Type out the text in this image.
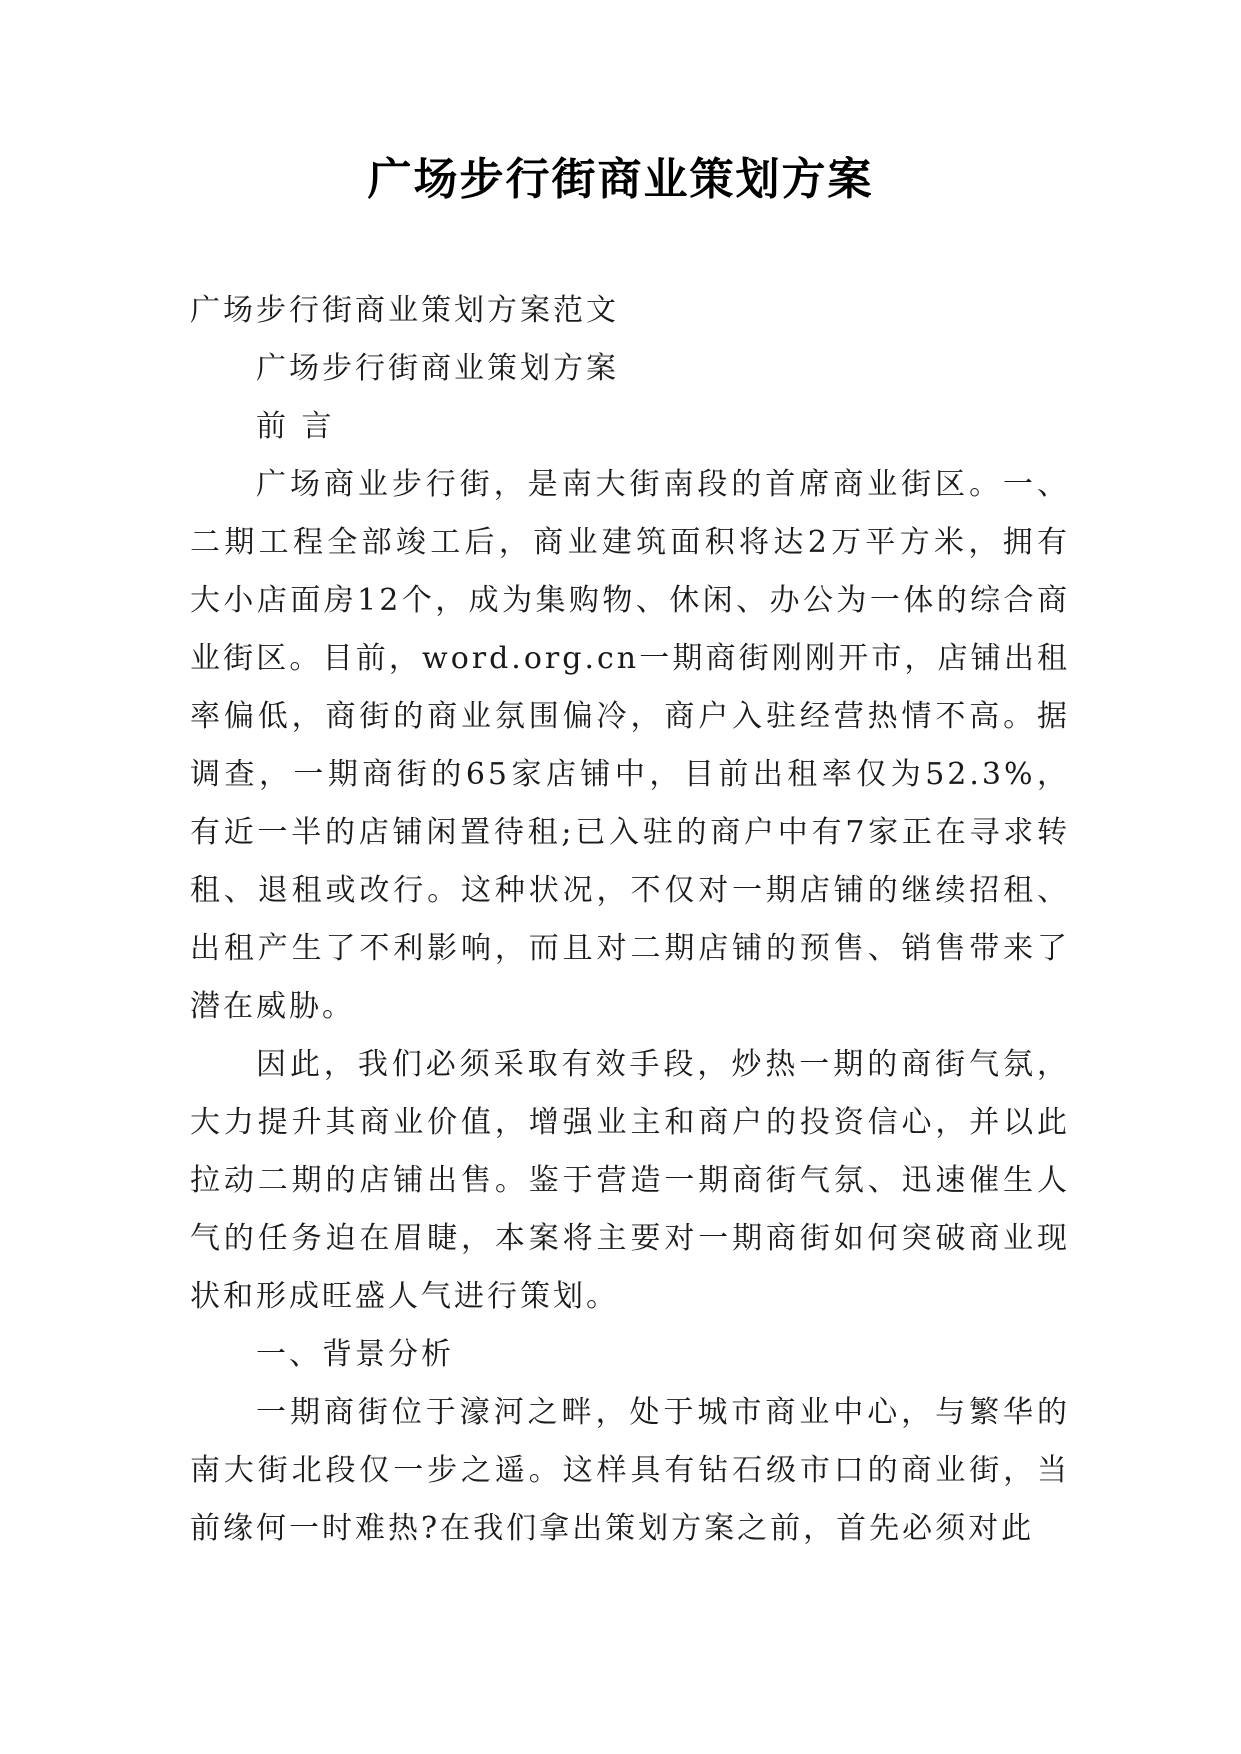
广场步行街商业策划方案

广场步行街商业策划方案范文

广场步行街商业策划方案

前 言

广场商业步行街，是南大街南段的首席商业街区。一、二期工程全部竣工后，商业建筑面积将达2万平方米，拥有大小店面房12个，成为集购物、休闲、办公为一体的综合商业街区。目前，word.org.cn一期商街刚刚开市，店铺出租率偏低，商街的商业氛围偏冷，商户入驻经营热情不高。据调查，一期商街的65家店铺中，目前出租率仅为52.3%，有近一半的店铺闲置待租;已入驻的商户中有7家正在寻求转租、退租或改行。这种状况，不仅对一期店铺的继续招租、出租产生了不利影响，而且对二期店铺的预售、销售带来了潜在威胁。

因此，我们必须采取有效手段，炒热一期的商街气氛，大力提升其商业价值，增强业主和商户的投资信心，并以此拉动二期的店铺出售。鉴于营造一期商街气氛、迅速催生人气的任务迫在眉睫，本案将主要对一期商街如何突破商业现状和形成旺盛人气进行策划。

一、背景分析

一期商街位于濠河之畔，处于城市商业中心，与繁华的南大街北段仅一步之遥。这样具有钻石级市口的商业街，当前缘何一时难热?在我们拿出策划方案之前，首先必须对此
